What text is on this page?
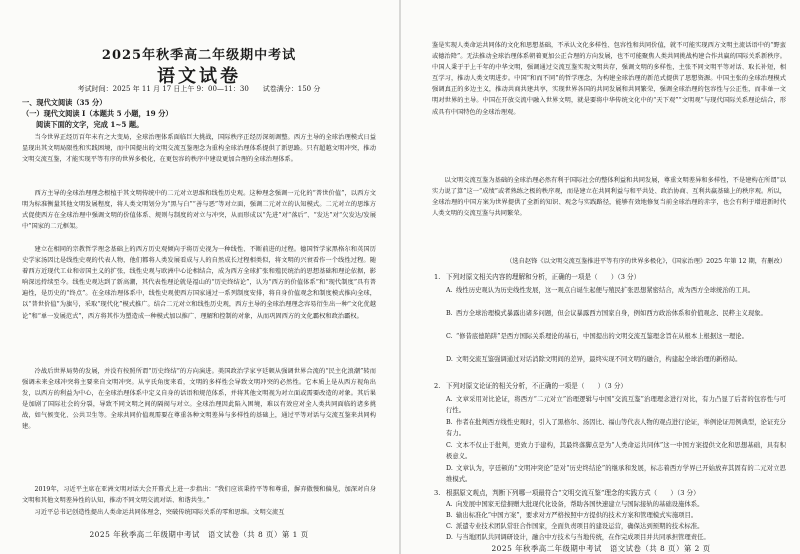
2025年秋季高二年级期中考试
语文试卷
考试时间：2025 年 11 月 17 日上午 9：00—11：30　　试卷满分：150 分
一、现代文阅读（35 分）
（一）现代文阅读 I（本题共 5 小题，19 分）
阅读下面的文字，完成 1~5 题。

当今世界正经历百年未有之大变局，全球治理体系面临巨大挑战，国际秩序正经历深刻调整。西方主导的全球治理模式日益显现出其文明局限性和实践困境，而中国提出的文明交流互鉴理念为重构全球治理体系提供了新思路。只有超越文明冲突，推动文明交流互鉴，才能实现平等有序的世界多极化，在更包容的秩序中建设更加合理的全球治理体系。

西方主导的全球治理理念根植于其文明传统中的二元对立思维和线性历史观。这种理念强调一元化的“普世价值”，以西方文明为标准衡量其他文明发展程度，将人类文明划分为“黑与白”“善与恶”等对立面，强调二元对立的认知模式。二元对立的思维方式促使西方在全球治理中强调文明的价值体系、规则与制度的对立与冲突，从而形成以“先进”对“落后”、“发达”对“欠发达/发展中”国家的二元框架。

建立在相同的宗教哲学理念基础上的西方历史观倾向于将历史视为一种线性、不断前进的过程。德国哲学家黑格尔和英国历史学家汤因比是线性史观的代表人物，他们都将人类发展看成与人的自然成长过程相类似，将文明的兴衰看作一个线性过程。随着西方近现代工业和帝国主义的扩张，线性史观与欧洲中心论相结合，成为西方全球扩张和殖民统治的思想基础和理论依据，影响深远持续至今。线性史观达到了新高潮，其代表性理论就是福山的“历史终结论”，认为“西方的价值体系”和“现代制度”具有普遍性，是历史的“终点”。在全球治理体系中，线性史观使西方国家通过一系列制度安排，将自身价值观念和制度模式推向全球，以“普世价值”为旗号，采取“现代化”模式推广。结合二元对立和线性历史观，西方主导的全球治理理念容易衍生出一种“文化优越论”和“单一发展范式”，西方将其作为塑造成一种模式加以推广、理解和控制的对象，从而巩固西方的文化霸权和政治霸权。

冷战后世界局势的发展，并没有按照所谓“历史终结”的方向演进。美国政治学家亨廷顿从强调世界合流的“民主化浪潮”转而强调未来全球冲突将主要来自文明冲突。从亨氏角度来看，文明的多样性会导致文明冲突的必然性。它本质上是从西方视角出发，以西方的利益为中心，在全球治理体系中定义自身的话语和规范体系，并将其他文明视为对立面或需要改造的对象。其后果是加剧了国际社会的分裂，导致不同文明之间的隔阂与对立。全球治理因此陷入困境，难以有效应对全人类共同面临的诸多挑战，如气候变化、公共卫生等。全球共同价值观需要在尊重各种文明差异与多样性的基础上，通过平等对话与交流互鉴来共同构建。

2019年，习近平主席在亚洲文明对话大会开幕式上进一步指出：“我们应该秉持平等和尊重，摒弃傲慢和偏见，加深对自身文明和其他文明差异性的认知，推动不同文明交流对话、和谐共生。”

习近平总书记创造性提出人类命运共同体理念，突破传统国际关系的零和思维。文明交流互

2025 年秋季高二年级期中考试　语文试卷（共 8 页）第 1 页

鉴是实现人类命运共同体的文化和思想基础，不承认文化多样性、包容性和共同价值，就不可能实现西方文明主流话语中的“野蛮或德治降”。无法推动全球治理体系朝着更加公正合理的方向发展，也不可能聚焦人类共同挑战构建合作共赢的国际关系新秩序。中国人秉于于上千年的中华文明，强调通过交流互鉴实现文明共存，强调文明的多样性，主张不同文明平等对话、取长补短，相互学习，推动人类文明进步。中国“和而不同”的哲学理念，为构建全球治理的新范式提供了思想资源。中国主张的全球治理模式强调真正的多边主义，推动共商共建共享，实现世界各国的共同发展和共同繁荣，强调全球治理的包容性与公正性，而非单一文明对世界的主导。中国在开放交流中融入世界文明，就是要将中华传统文化中的“天下观”“文明观”与现代国际关系理论结合，形成具有中国特色的全球治理观。

以文明交流互鉴为基础的全球治理必然有利于国际社会的整体利益和共同发展，尊重文明差异和多样性，不是建构在所谓“以实力说了算”这一“成绩”或者熟练之极的秩序观，而是建立在共同利益与和平共处、政治协商、互利共赢基础上的秩序观。所以，全球治理的中国方案为世界提供了全新的知识、观念与实践路径，能够有效地修复当前全球治理的赤字，也会有利于增进新时代人类文明的交流互鉴与共同繁荣。

（选自赵锋《以文明交流互鉴推进平等有序的世界多极化》，《国家治理》2025 年第 12 期，有删改）

1. 下列对原文相关内容的理解和分析，正确的一项是（　　）（3 分）

A. 线性历史观认为历史线性发展，这一观点自诞生起便与殖民扩张思想紧密结合，成为西方全球统治的工具。

B. 西方全球治理模式暴露出诸多问题，但会议暴露西方国家自身，例如西方政治体系和价值观念、民粹主义现象。

C. “修昔底德陷阱”是西方国际关系理论的基石，中国提出的文明交流互鉴理念旨在从根本上根据这一理论。

D. 文明交流互鉴强调通过对话消除文明间的差异，最终实现不同文明的融合，构建起全球治理的新格局。

2. 下列对原文论证的相关分析，不正确的一项是（　　）（3 分）

A. 文章采用对比论证，将西方“二元对立”治理逻辑与中国“交流互鉴”治理理念进行对比，有力凸显了后者的包容性与可行性。

B. 作者在批判西方线性史观时，引入了黑格尔、汤因比、福山等代表人物的观点进行论证，举例论证用例典型，论证充分有力。

C. 文本不仅止于批判，更致力于建构，其最终落脚点是为“人类命运共同体”这一中国方案提供文化和思想基础，具有积极意义。

D. 文章认为，亨廷顿的“文明冲突论”是对“历史终结论”的继承和发展，标志着西方学界已开始放弃其固有的二元对立思维模式。

3. 根据原文观点，判断下列哪一项最符合“文明交流互鉴”理念的实践方式（　　）（3 分）

A. 向发展中国家无偿捐赠大批现代化设备，帮助各国快速建立与国际接轨的基础设施体系。

B. 输出标准化“中国方案”，要求对方严格按照中方提供的技术方案和管理模式实施项目。

C. 派遣专业技术团队常驻合作国家，全面负责项目的建设运营，确保达到预期的技术标准。

D. 与当地团队共同调研设计，融合中方技术与当地传统，在作完成项目并共同承担管理责任。

2025 年秋季高二年级期中考试　语文试卷（共 8 页）第 2 页
